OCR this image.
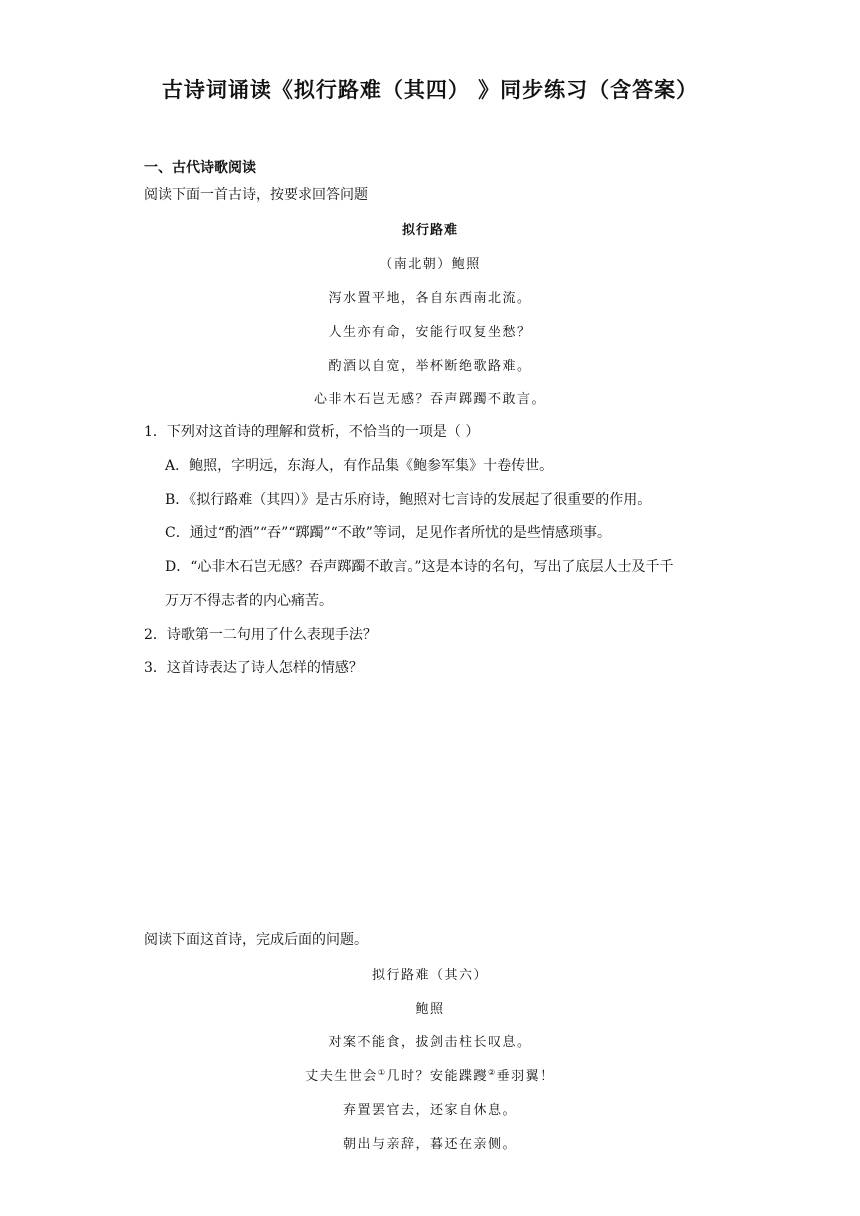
古诗词诵读《拟行路难（其四） 》同步练习（含答案）
一、古代诗歌阅读
阅读下面一首古诗，按要求回答问题
拟行路难
（南北朝）鲍照
泻水置平地，各自东西南北流。
人生亦有命，安能行叹复坐愁？
酌酒以自宽，举杯断绝歌路难。
心非木石岂无感？吞声踯躅不敢言。
1．下列对这首诗的理解和赏析，不恰当的一项是（ ）
A．鲍照，字明远，东海人，有作品集《鲍参军集》十卷传世。
B．《拟行路难（其四）》是古乐府诗，鲍照对七言诗的发展起了很重要的作用。
C．通过“酌酒”“吞”“踯躅”“不敢”等词，足见作者所忧的是些情感琐事。
D．“心非木石岂无感？吞声踯躅不敢言。”这是本诗的名句，写出了底层人士及千千
万万不得志者的内心痛苦。
2．诗歌第一二句用了什么表现手法？
3．这首诗表达了诗人怎样的情感？
阅读下面这首诗，完成后面的问题。
拟行路难（其六）
鲍照
对案不能食，拔剑击柱长叹息。
丈夫生世会①几时？安能蹀躞②垂羽翼！
弃置罢官去，还家自休息。
朝出与亲辞，暮还在亲侧。
